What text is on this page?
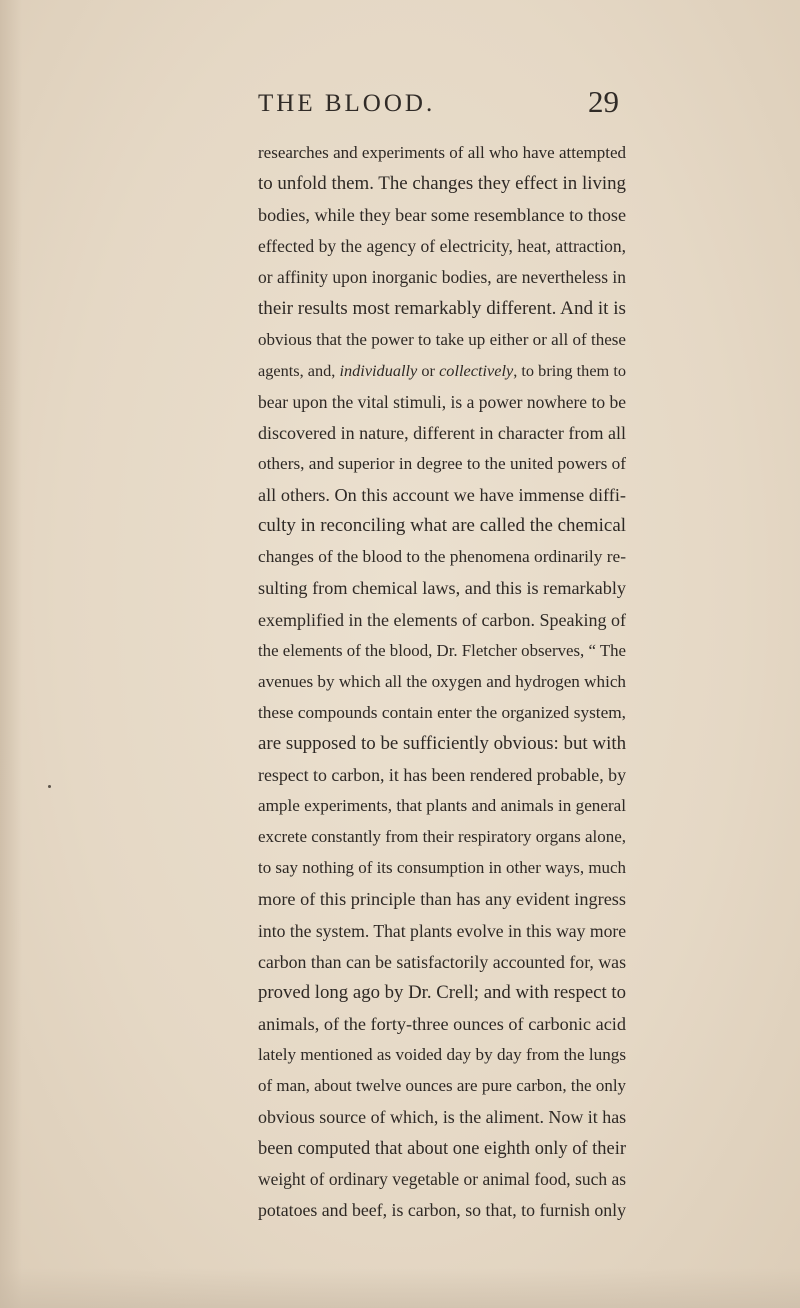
THE BLOOD.	29
researches and experiments of all who have attempted
to unfold them. The changes they effect in living
bodies, while they bear some resemblance to those
effected by the agency of electricity, heat, attraction,
or affinity upon inorganic bodies, are nevertheless in
their results most remarkably different. And it is
obvious that the power to take up either or all of these
agents, and, individually or collectively, to bring them to
bear upon the vital stimuli, is a power nowhere to be
discovered in nature, different in character from all
others, and superior in degree to the united powers of
all others. On this account we have immense diffi-
culty in reconciling what are called the chemical
changes of the blood to the phenomena ordinarily re-
sulting from chemical laws, and this is remarkably
exemplified in the elements of carbon. Speaking of
the elements of the blood, Dr. Fletcher observes, “ The
avenues by which all the oxygen and hydrogen which
these compounds contain enter the organized system,
are supposed to be sufficiently obvious: but with
respect to carbon, it has been rendered probable, by
ample experiments, that plants and animals in general
excrete constantly from their respiratory organs alone,
to say nothing of its consumption in other ways, much
more of this principle than has any evident ingress
into the system. That plants evolve in this way more
carbon than can be satisfactorily accounted for, was
proved long ago by Dr. Crell; and with respect to
animals, of the forty-three ounces of carbonic acid
lately mentioned as voided day by day from the lungs
of man, about twelve ounces are pure carbon, the only
obvious source of which, is the aliment. Now it has
been computed that about one eighth only of their
weight of ordinary vegetable or animal food, such as
potatoes and beef, is carbon, so that, to furnish only
